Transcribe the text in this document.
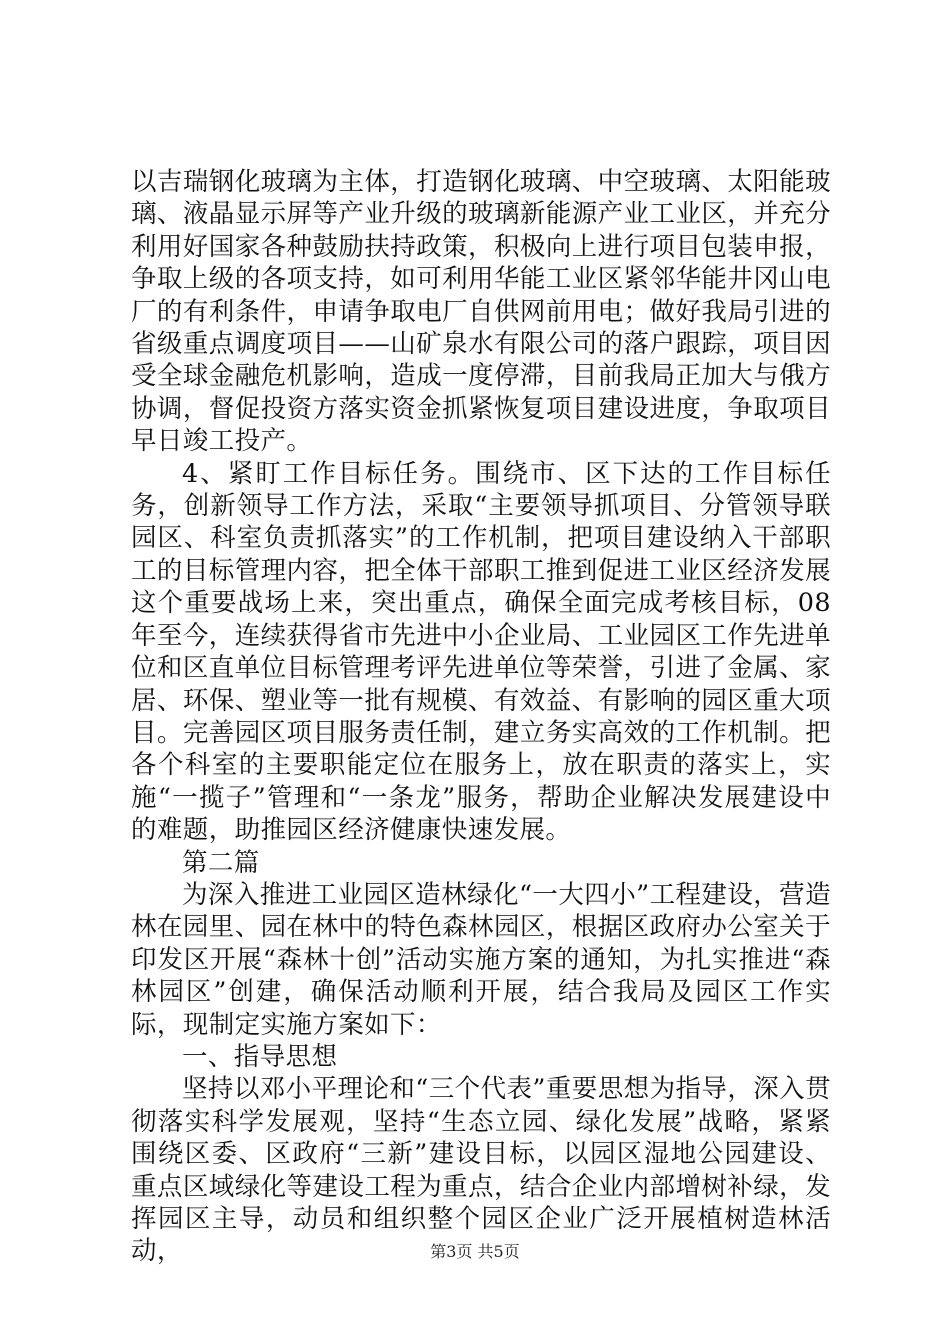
以吉瑞钢化玻璃为主体，打造钢化玻璃、中空玻璃、太阳能玻璃、液晶显示屏等产业升级的玻璃新能源产业工业区，并充分利用好国家各种鼓励扶持政策，积极向上进行项目包装申报，争取上级的各项支持，如可利用华能工业区紧邻华能井冈山电厂的有利条件，申请争取电厂自供网前用电；做好我局引进的省级重点调度项目——山矿泉水有限公司的落户跟踪，项目因受全球金融危机影响，造成一度停滞，目前我局正加大与俄方协调，督促投资方落实资金抓紧恢复项目建设进度，争取项目早日竣工投产。

4、紧盯工作目标任务。围绕市、区下达的工作目标任务，创新领导工作方法，采取“主要领导抓项目、分管领导联园区、科室负责抓落实”的工作机制，把项目建设纳入干部职工的目标管理内容，把全体干部职工推到促进工业区经济发展这个重要战场上来，突出重点，确保全面完成考核目标，08年至今，连续获得省市先进中小企业局、工业园区工作先进单位和区直单位目标管理考评先进单位等荣誉，引进了金属、家居、环保、塑业等一批有规模、有效益、有影响的园区重大项目。完善园区项目服务责任制，建立务实高效的工作机制。把各个科室的主要职能定位在服务上，放在职责的落实上，实施“一揽子”管理和“一条龙”服务，帮助企业解决发展建设中的难题，助推园区经济健康快速发展。

第二篇

为深入推进工业园区造林绿化“一大四小”工程建设，营造林在园里、园在林中的特色森林园区，根据区政府办公室关于印发区开展“森林十创”活动实施方案的通知，为扎实推进“森林园区”创建，确保活动顺利开展，结合我局及园区工作实际，现制定实施方案如下：

一、指导思想

坚持以邓小平理论和“三个代表”重要思想为指导，深入贯彻落实科学发展观，坚持“生态立园、绿化发展”战略，紧紧围绕区委、区政府“三新”建设目标，以园区湿地公园建设、重点区域绿化等建设工程为重点，结合企业内部增树补绿，发挥园区主导，动员和组织整个园区企业广泛开展植树造林活动，	第3页 共5页
